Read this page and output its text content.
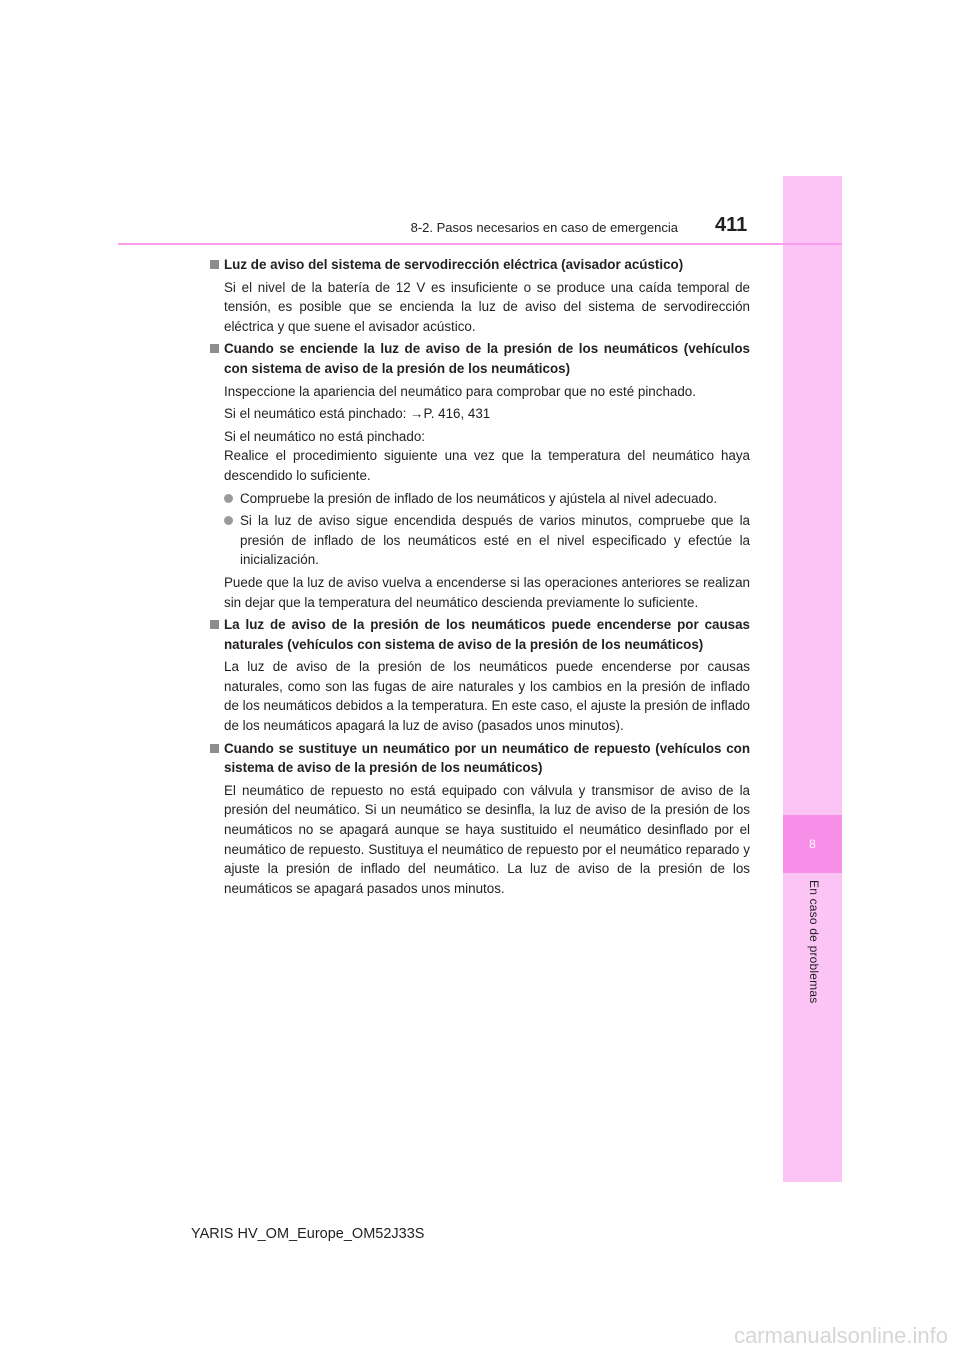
8
En caso de problemas
8-2. Pasos necesarios en caso de emergencia 411
Luz de aviso del sistema de servodirección eléctrica (avisador acústico)
Si el nivel de la batería de 12 V es insuficiente o se produce una caída temporal de tensión, es posible que se encienda la luz de aviso del sistema de servodirección eléctrica y que suene el avisador acústico.
Cuando se enciende la luz de aviso de la presión de los neumáticos (vehículos con sistema de aviso de la presión de los neumáticos)
Inspeccione la apariencia del neumático para comprobar que no esté pinchado.
Si el neumático está pinchado: →P. 416, 431
Si el neumático no está pinchado:
Realice el procedimiento siguiente una vez que la temperatura del neumático haya descendido lo suficiente.
Compruebe la presión de inflado de los neumáticos y ajústela al nivel adecuado.
Si la luz de aviso sigue encendida después de varios minutos, compruebe que la presión de inflado de los neumáticos esté en el nivel especificado y efectúe la inicialización.
Puede que la luz de aviso vuelva a encenderse si las operaciones anteriores se realizan sin dejar que la temperatura del neumático descienda previamente lo suficiente.
La luz de aviso de la presión de los neumáticos puede encenderse por causas naturales (vehículos con sistema de aviso de la presión de los neumáticos)
La luz de aviso de la presión de los neumáticos puede encenderse por causas naturales, como son las fugas de aire naturales y los cambios en la presión de inflado de los neumáticos debidos a la temperatura. En este caso, el ajuste la presión de inflado de los neumáticos apagará la luz de aviso (pasados unos minutos).
Cuando se sustituye un neumático por un neumático de repuesto (vehículos con sistema de aviso de la presión de los neumáticos)
El neumático de repuesto no está equipado con válvula y transmisor de aviso de la presión del neumático. Si un neumático se desinfla, la luz de aviso de la presión de los neumáticos no se apagará aunque se haya sustituido el neumático desinflado por el neumático de repuesto. Sustituya el neumático de repuesto por el neumático reparado y ajuste la presión de inflado del neumático. La luz de aviso de la presión de los neumáticos se apagará pasados unos minutos.
YARIS HV_OM_Europe_OM52J33S
carmanualsonline.info
